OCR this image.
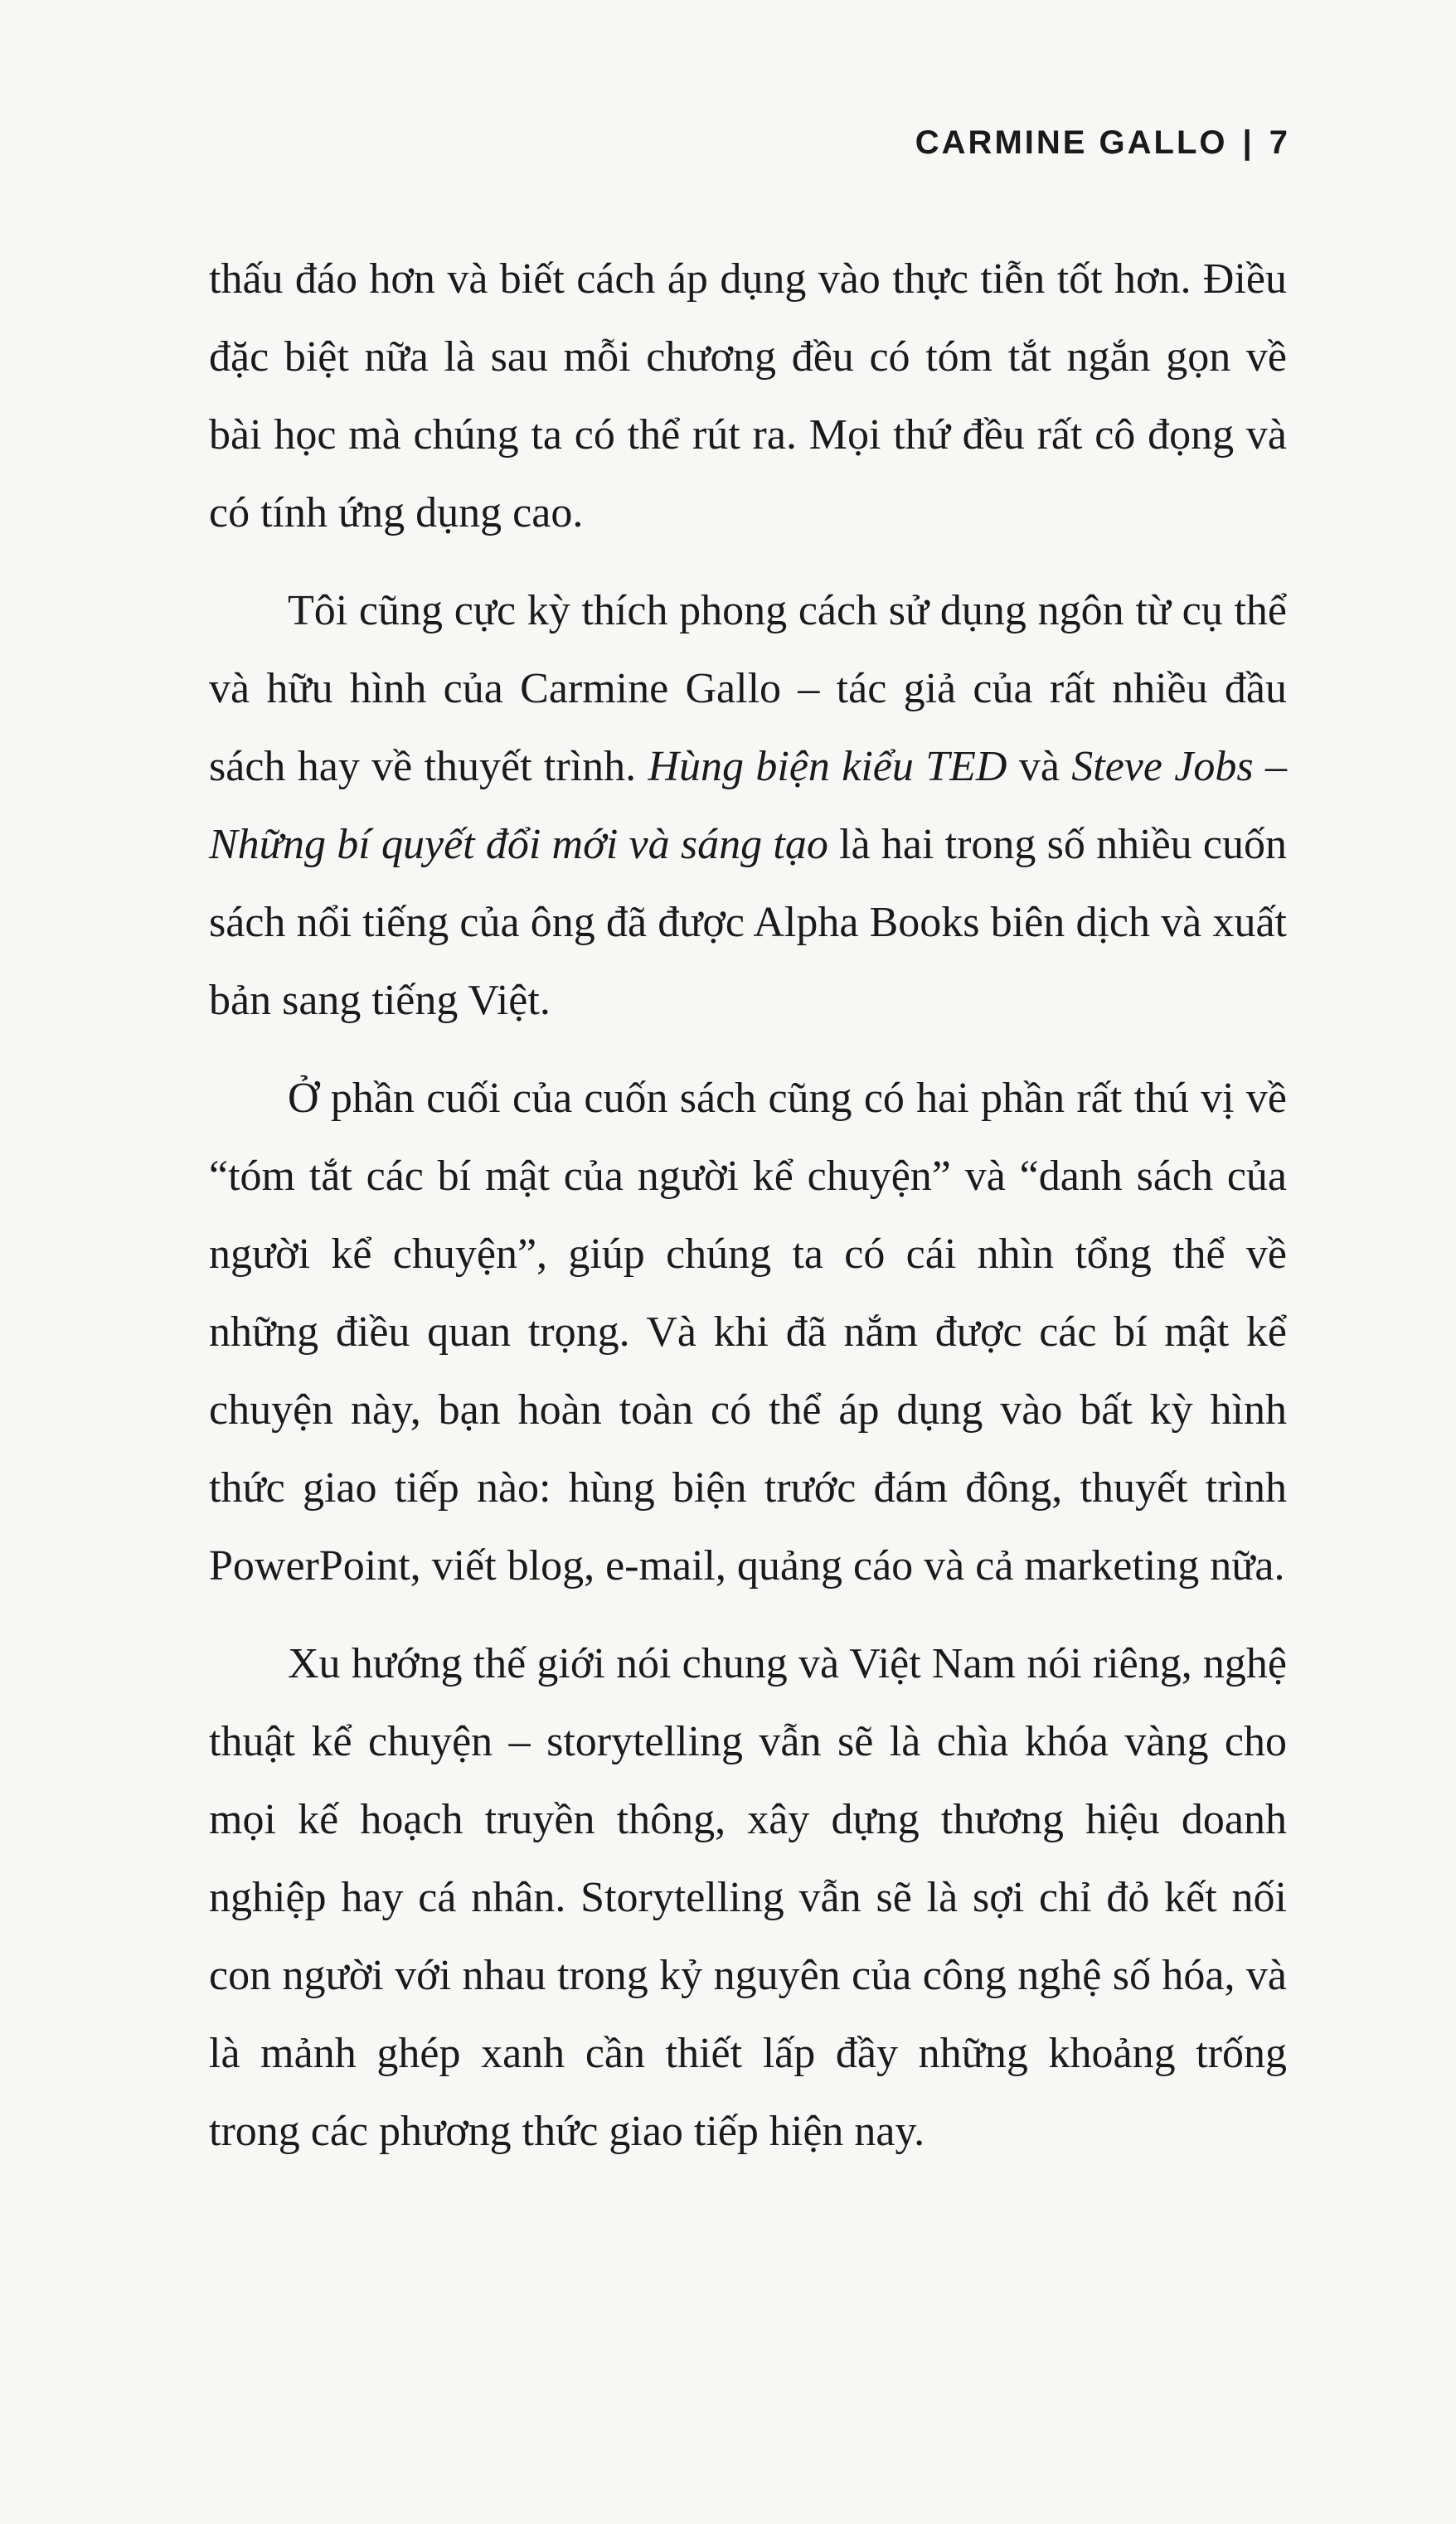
CARMINE GALLO | 7

thấu đáo hơn và biết cách áp dụng vào thực tiễn tốt hơn. Điều đặc biệt nữa là sau mỗi chương đều có tóm tắt ngắn gọn về bài học mà chúng ta có thể rút ra. Mọi thứ đều rất cô đọng và có tính ứng dụng cao.

Tôi cũng cực kỳ thích phong cách sử dụng ngôn từ cụ thể và hữu hình của Carmine Gallo – tác giả của rất nhiều đầu sách hay về thuyết trình. Hùng biện kiểu TED và Steve Jobs – Những bí quyết đổi mới và sáng tạo là hai trong số nhiều cuốn sách nổi tiếng của ông đã được Alpha Books biên dịch và xuất bản sang tiếng Việt.

Ở phần cuối của cuốn sách cũng có hai phần rất thú vị về “tóm tắt các bí mật của người kể chuyện” và “danh sách của người kể chuyện”, giúp chúng ta có cái nhìn tổng thể về những điều quan trọng. Và khi đã nắm được các bí mật kể chuyện này, bạn hoàn toàn có thể áp dụng vào bất kỳ hình thức giao tiếp nào: hùng biện trước đám đông, thuyết trình PowerPoint, viết blog, e-mail, quảng cáo và cả marketing nữa.

Xu hướng thế giới nói chung và Việt Nam nói riêng, nghệ thuật kể chuyện – storytelling vẫn sẽ là chìa khóa vàng cho mọi kế hoạch truyền thông, xây dựng thương hiệu doanh nghiệp hay cá nhân. Storytelling vẫn sẽ là sợi chỉ đỏ kết nối con người với nhau trong kỷ nguyên của công nghệ số hóa, và là mảnh ghép xanh cần thiết lấp đầy những khoảng trống trong các phương thức giao tiếp hiện nay.
